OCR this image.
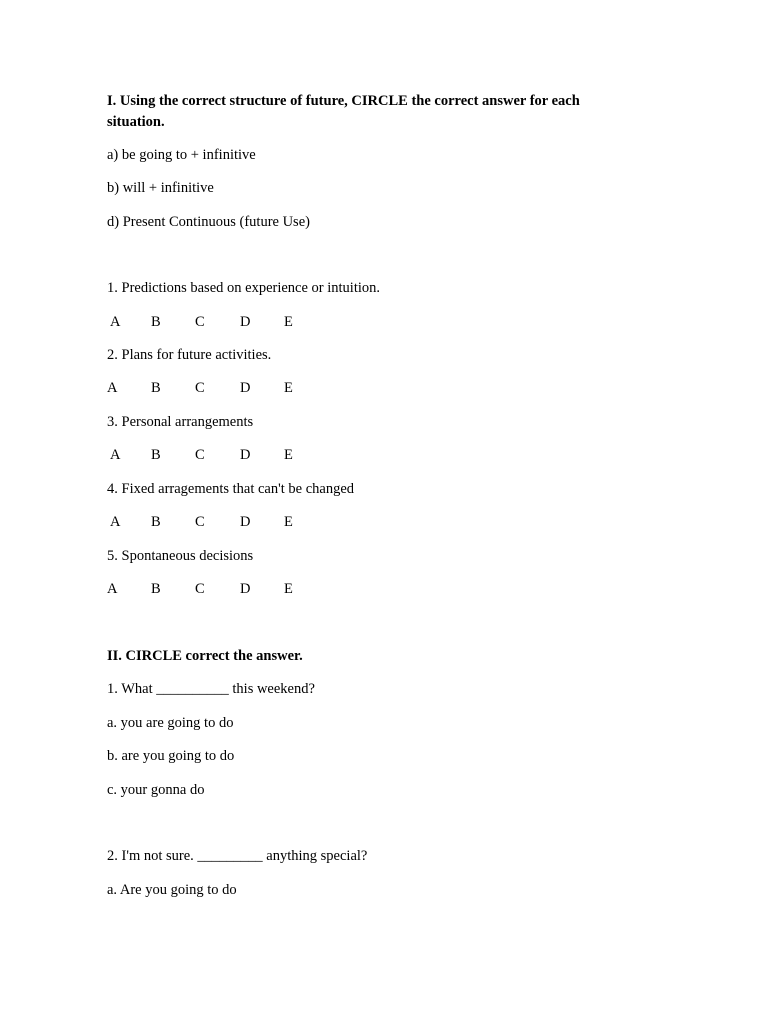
I. Using the correct structure of future, CIRCLE the correct answer for each
situation.
a) be going to + infinitive
b) will + infinitive
d) Present Continuous (future Use)
1. Predictions based on experience or intuition.
A B C D E
2. Plans for future activities.
A B C D E
3. Personal arrangements
A B C D E
4. Fixed arragements that can't be changed
A B C D E
5. Spontaneous decisions
A B C D E
II. CIRCLE correct the answer.
1. What __________ this weekend?
a. you are going to do
b. are you going to do
c. your gonna do
2. I'm not sure. _________ anything special?
a. Are you going to do
